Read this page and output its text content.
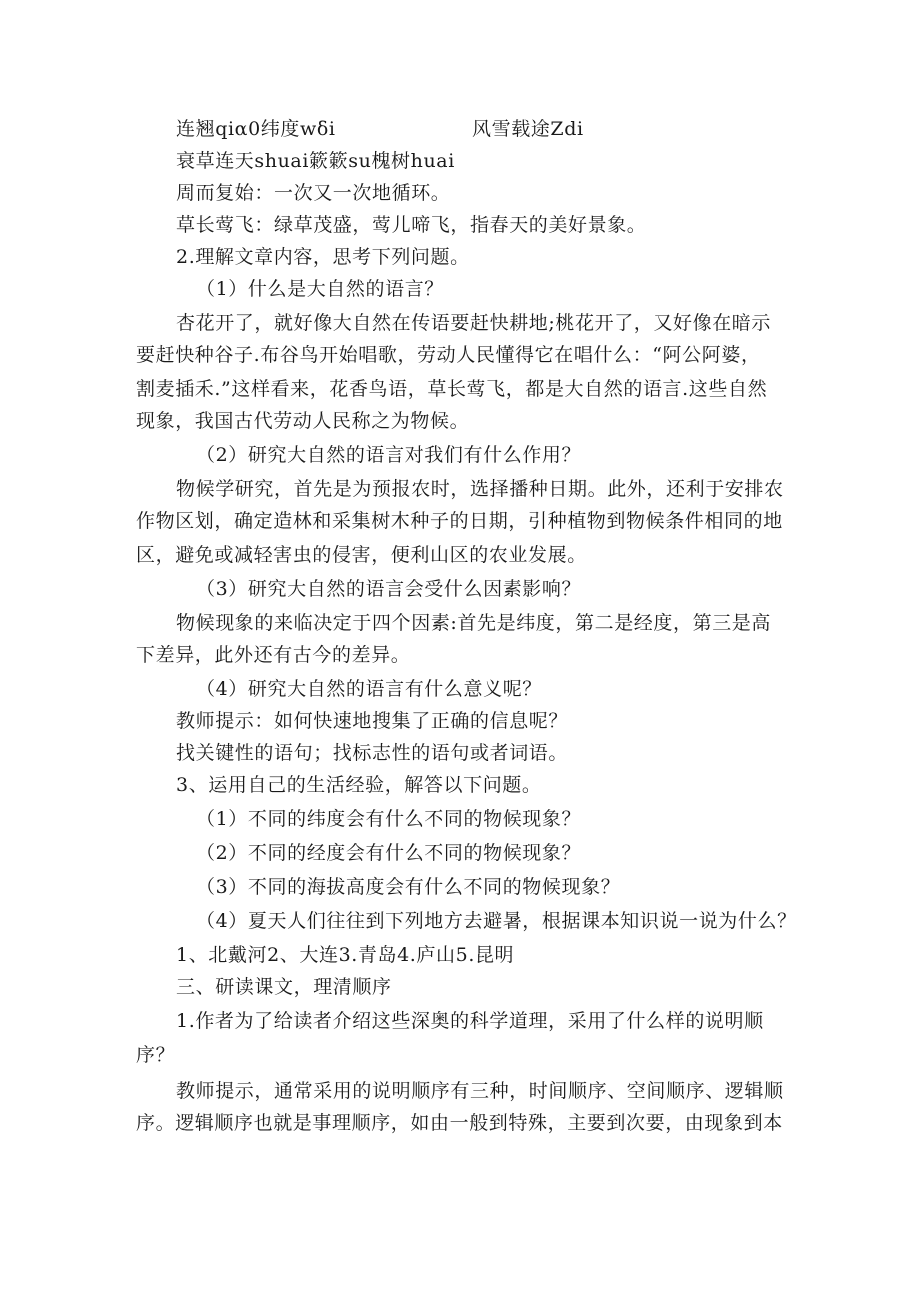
连翘qiα0纬度wδi	风雪载途Zdi
衰草连天shuai簌簌su槐树huai
周而复始：一次又一次地循环。
草长莺飞：绿草茂盛，莺儿啼飞，指春天的美好景象。
2.理解文章内容，思考下列问题。
（1）什么是大自然的语言？
杏花开了，就好像大自然在传语要赶快耕地;桃花开了，又好像在暗示
要赶快种谷子.布谷鸟开始唱歌，劳动人民懂得它在唱什么：“阿公阿婆，
割麦插禾.”这样看来，花香鸟语，草长莺飞，都是大自然的语言.这些自然
现象，我国古代劳动人民称之为物候。
（2）研究大自然的语言对我们有什么作用？
物候学研究，首先是为预报农时，选择播种日期。此外，还利于安排农
作物区划，确定造林和采集树木种子的日期，引种植物到物候条件相同的地
区，避免或减轻害虫的侵害，便利山区的农业发展。
（3）研究大自然的语言会受什么因素影响？
物候现象的来临决定于四个因素:首先是纬度，第二是经度，第三是高
下差异，此外还有古今的差异。
（4）研究大自然的语言有什么意义呢？
教师提示：如何快速地搜集了正确的信息呢？
找关键性的语句；找标志性的语句或者词语。
3、运用自己的生活经验，解答以下问题。
（1）不同的纬度会有什么不同的物候现象？
（2）不同的经度会有什么不同的物候现象？
（3）不同的海拔高度会有什么不同的物候现象？
（4）夏天人们往往到下列地方去避暑，根据课本知识说一说为什么？
1、北戴河2、大连3.青岛4.庐山5.昆明
三、研读课文，理清顺序
1.作者为了给读者介绍这些深奥的科学道理，采用了什么样的说明顺
序？
教师提示，通常采用的说明顺序有三种，时间顺序、空间顺序、逻辑顺
序。逻辑顺序也就是事理顺序，如由一般到特殊，主要到次要，由现象到本
